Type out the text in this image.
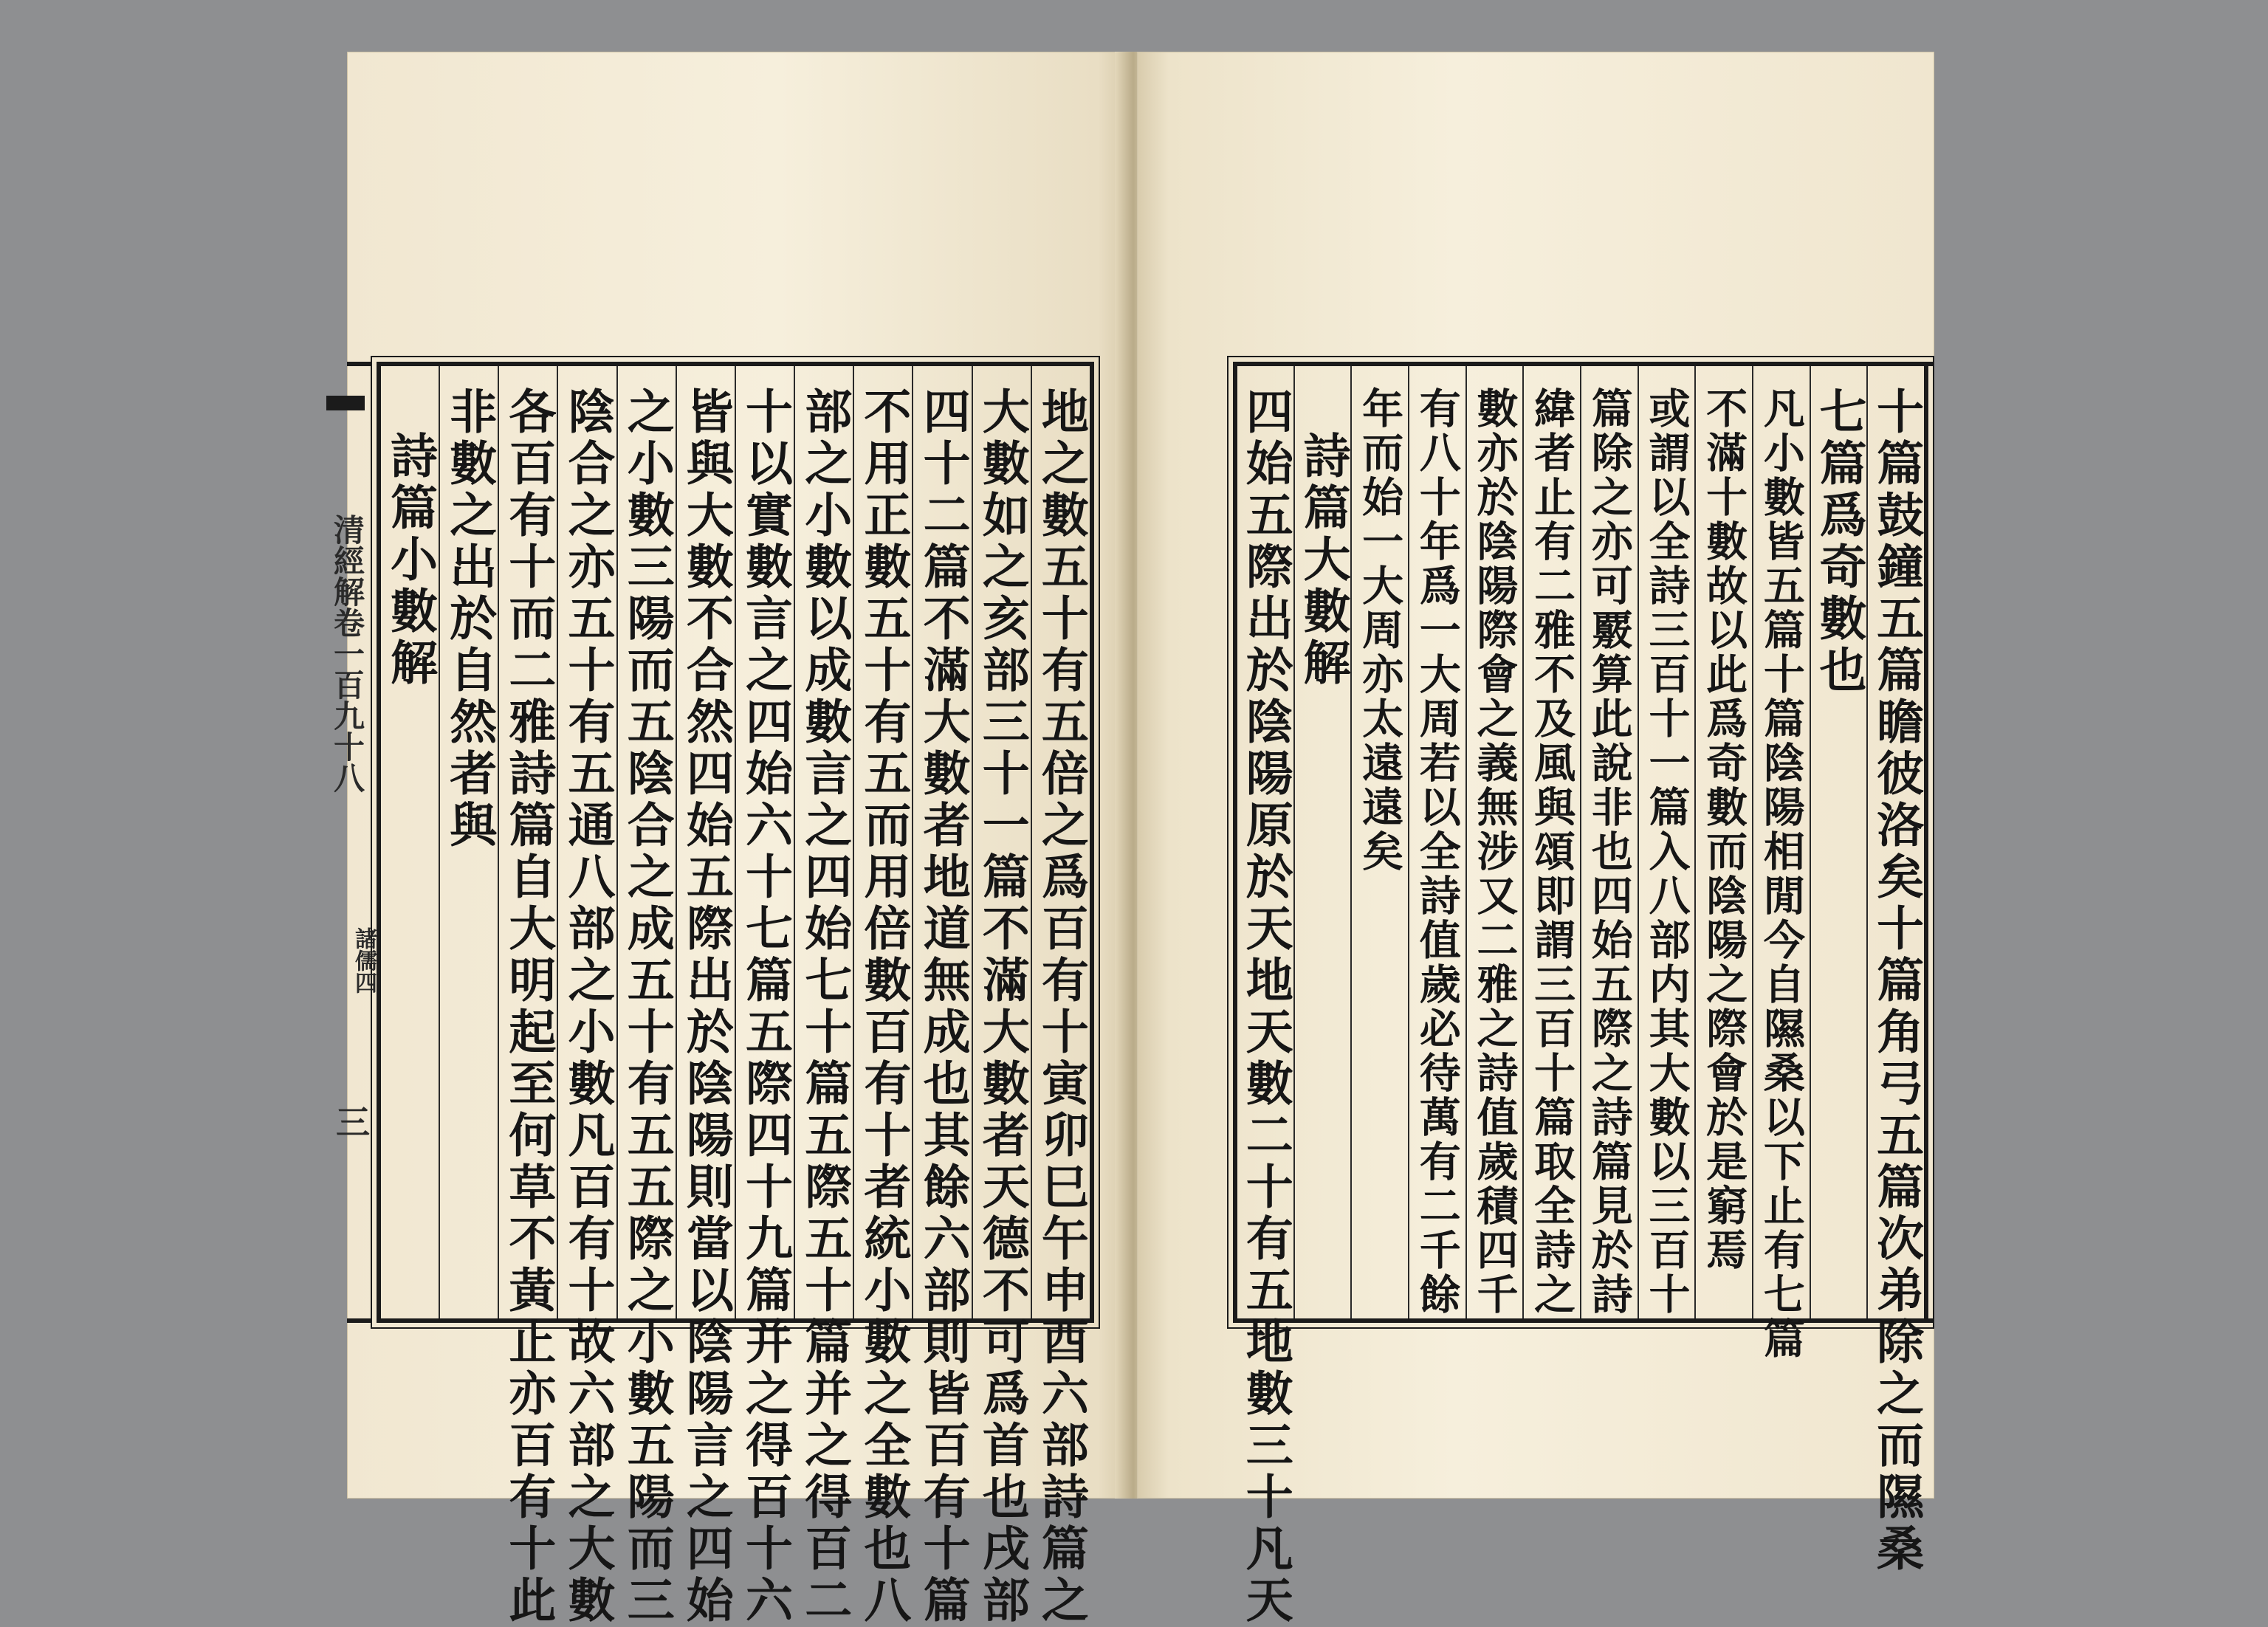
清經解卷一百九十八
諸儒四
三	地之數五十有五倍之爲百有十寅卯巳午申酉六部詩篇之
大數如之亥部三十一篇不滿大數者天德不可爲首也戌部
四十二篇不滿大數者地道無成也其餘六部則皆百有十篇
不用正數五十有五而用倍數百有十者統小數之全數也八
部之小數以成數言之四始七十篇五際五十篇并之得百二
十以實數言之四始六十七篇五際四十九篇并之得百十六
皆與大數不合然四始五際出於陰陽則當以陰陽言之四始
之小數三陽而五陰合之成五十有五五際之小數五陽而三
陰合之亦五十有五通八部之小數凡百有十故六部之大數
各百有十而二雅詩篇自大明起至何草不黃止亦百有十此
非數之出於自然者與
詩篇小數解	十篇鼓鐘五篇瞻彼洛矣十篇角弓五篇次弟除之而隰桑
七篇爲奇數也
凡小數皆五篇十篇陰陽相閒今自隰桑以下止有七篇
不滿十數故以此爲奇數而陰陽之際會於是窮焉
或謂以全詩三百十一篇入八部内其大數以三百十
篇除之亦可覈算此說非也四始五際之詩篇見於詩
緯者止有二雅不及風與頌即謂三百十篇取全詩之
數亦於陰陽際會之義無涉又二雅之詩值歲積四千
有八十年爲一大周若以全詩值歲必待萬有二千餘
年而始一大周亦太遠遠矣
詩篇大數解
四始五際出於陰陽原於天地天數二十有五地數三十凡天
